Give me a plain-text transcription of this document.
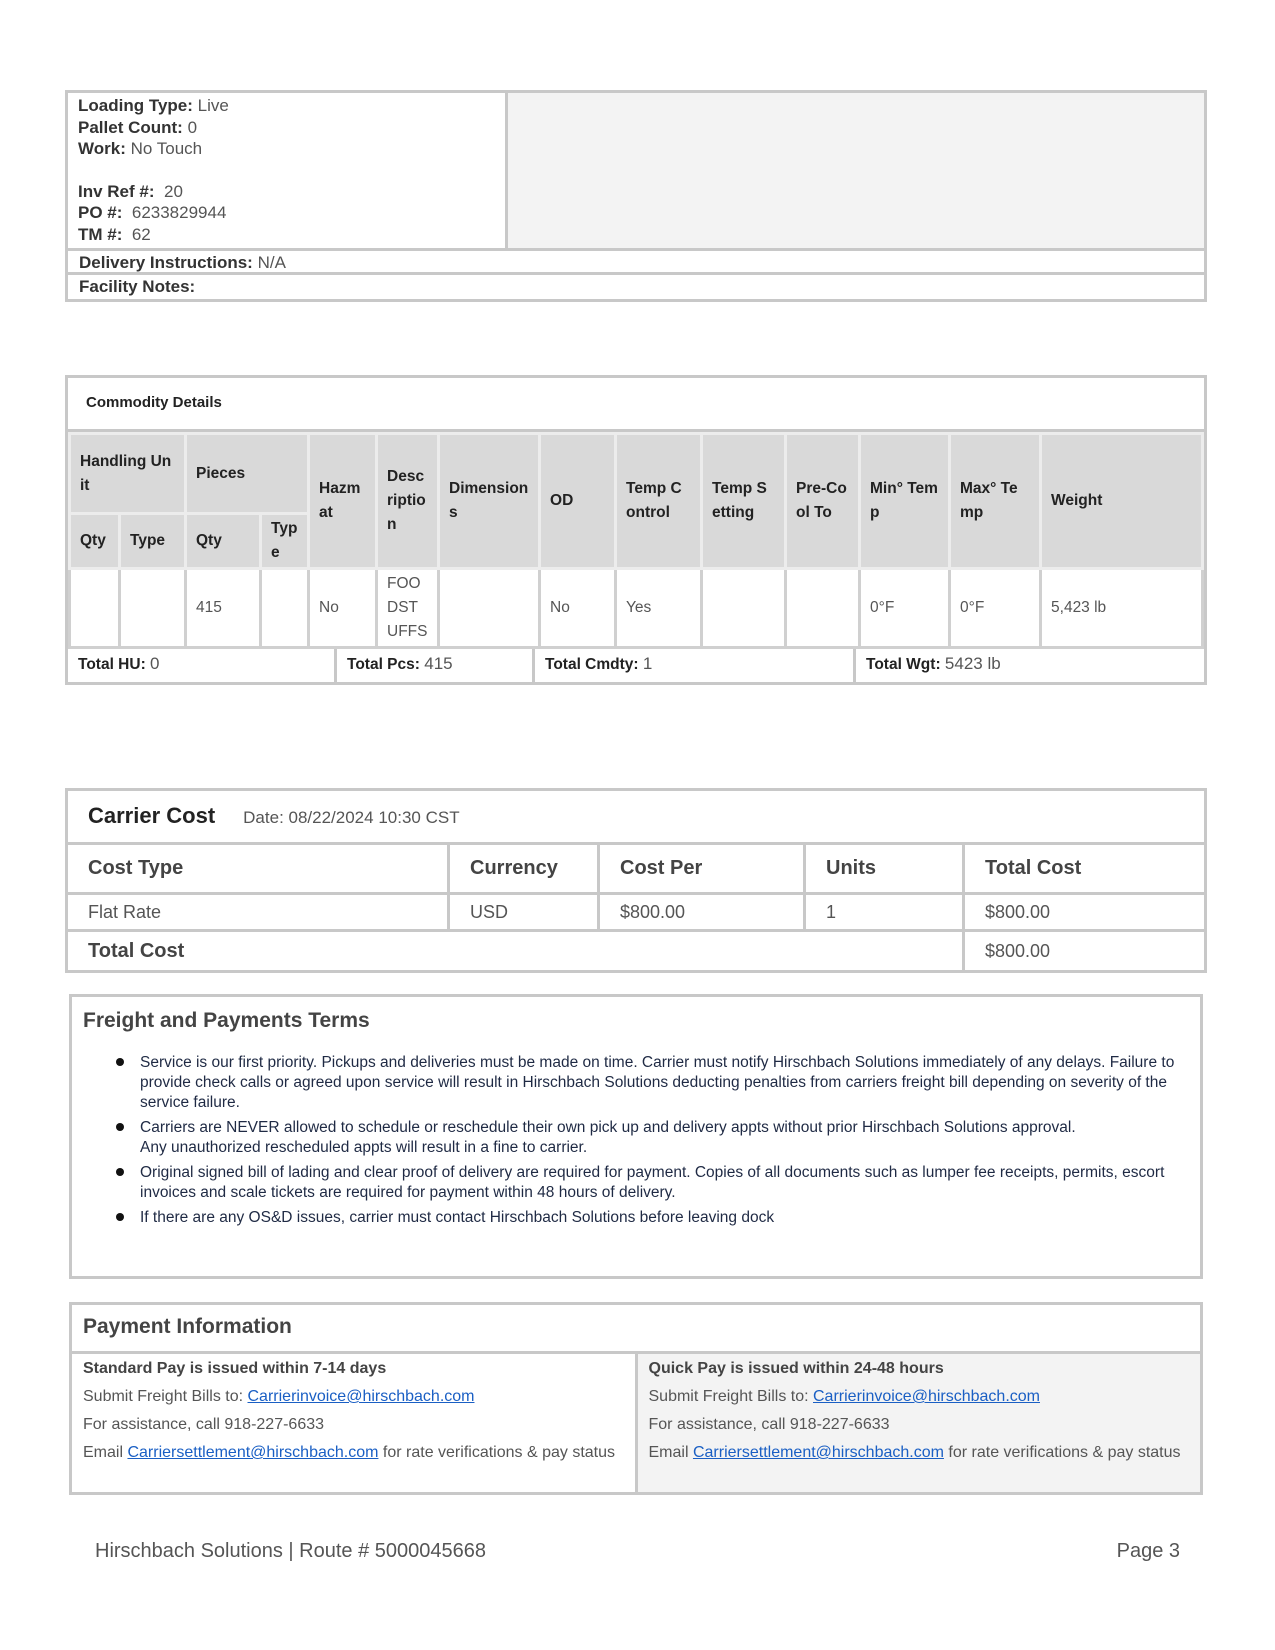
Loading Type: Live
Pallet Count: 0
Work: No Touch
Inv Ref #: 20
PO #: 6233829944
TM #: 62
Delivery Instructions: N/A
Facility Notes:
Commodity Details
Handling Unit		Pieces		Hazmat	Description	Dimensions	OD	Temp Control	Temp Setting	Pre-Cool To	Min° Temp	Max° Temp	Weight
Qty	Type	Qty	Type										
		415		No	FOODSTUFFS		No	Yes			0°F	0°F	5,423 lb
Total HU: 0	Total Pcs: 415	Total Cmdty: 1	Total Wgt: 5423 lb
Carrier Cost Date: 08/22/2024 10:30 CST
Cost Type	Currency	Cost Per	Units	Total Cost
Flat Rate	USD	$800.00	1	$800.00
Total Cost	$800.00
Freight and Payments Terms
Service is our first priority. Pickups and deliveries must be made on time. Carrier must notify Hirschbach Solutions immediately of any delays. Failure to provide check calls or agreed upon service will result in Hirschbach Solutions deducting penalties from carriers freight bill depending on severity of the service failure.
Carriers are NEVER allowed to schedule or reschedule their own pick up and delivery appts without prior Hirschbach Solutions approval.
Any unauthorized rescheduled appts will result in a fine to carrier.
Original signed bill of lading and clear proof of delivery are required for payment. Copies of all documents such as lumper fee receipts, permits, escort invoices and scale tickets are required for payment within 48 hours of delivery.
If there are any OS&D issues, carrier must contact Hirschbach Solutions before leaving dock
Payment Information

Standard Pay is issued within 7-14 days

Submit Freight Bills to: Carrierinvoice@hirschbach.com

For assistance, call 918-227-6633

Email Carriersettlement@hirschbach.com for rate verifications & pay status

Quick Pay is issued within 24-48 hours

Submit Freight Bills to: Carrierinvoice@hirschbach.com

For assistance, call 918-227-6633

Email Carriersettlement@hirschbach.com for rate verifications & pay status

Hirschbach Solutions | Route # 5000045668	Page 3
